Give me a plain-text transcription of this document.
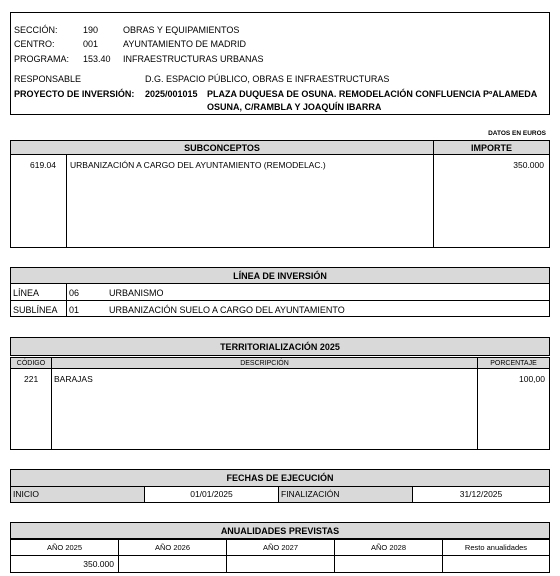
SECCIÓN:	190	OBRAS Y EQUIPAMIENTOS
CENTRO:	001	AYUNTAMIENTO DE MADRID
PROGRAMA: 153.40 INFRAESTRUCTURAS URBANAS
RESPONSABLE	D.G. ESPACIO PÚBLICO, OBRAS E INFRAESTRUCTURAS
PROYECTO DE INVERSIÓN: 2025/001015 PLAZA DUQUESA DE OSUNA. REMODELACIÓN CONFLUENCIA PºALAMEDA
OSUNA, C/RAMBLA Y JOAQUÍN IBARRA
DATOS EN EUROS
SUBCONCEPTOS	IMPORTE
619.04 URBANIZACIÓN A CARGO DEL AYUNTAMIENTO (REMODELAC.)	350.000
LÍNEA DE INVERSIÓN
LÍNEA	06	URBANISMO
SUBLÍNEA 01	URBANIZACIÓN SUELO A CARGO DEL AYUNTAMIENTO
TERRITORIALIZACIÓN 2025
CÓDIGO	DESCRIPCIÓN	PORCENTAJE
221 BARAJAS	100,00
FECHAS DE EJECUCIÓN
INICIO	01/01/2025	FINALIZACIÓN	31/12/2025
ANUALIDADES PREVISTAS
AÑO 2025	AÑO 2026	AÑO 2027	AÑO 2028	Resto anualidades
350.000
